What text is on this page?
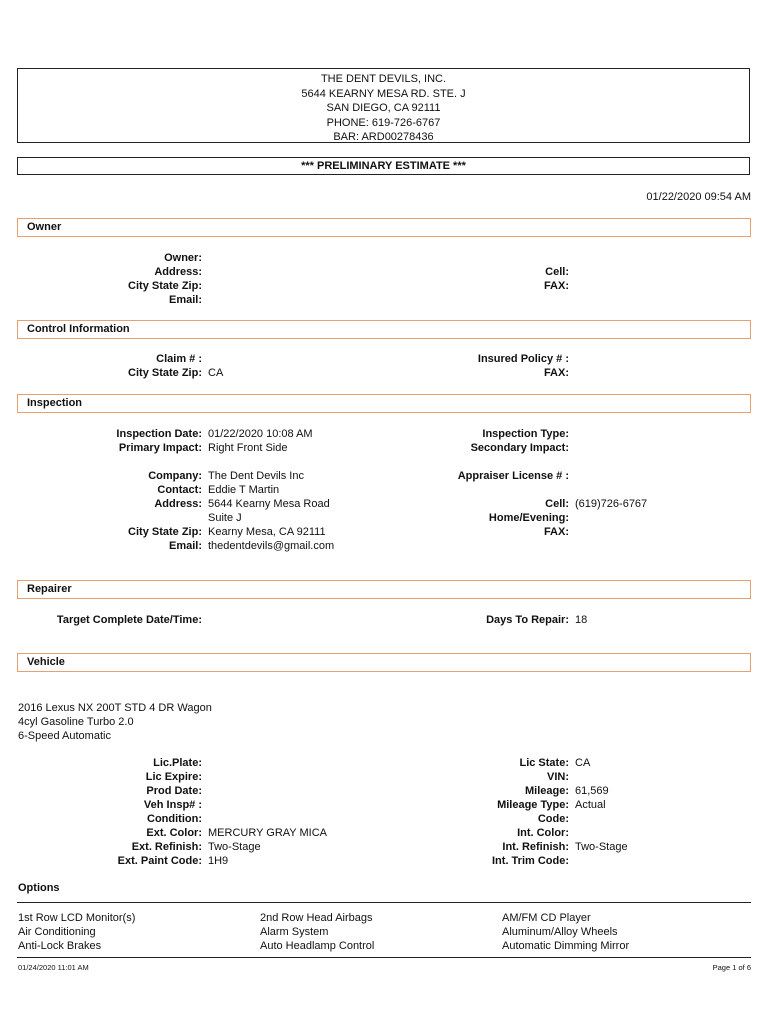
THE DENT DEVILS, INC.
5644 KEARNY MESA RD. STE. J
SAN DIEGO, CA 92111
PHONE: 619-726-6767
BAR: ARD00278436
*** PRELIMINARY ESTIMATE ***
01/22/2020 09:54 AM
Owner
Owner:
Address:
City State Zip:
Email:
Cell:
FAX:
Control Information
Claim # :
City State Zip: CA
Insured Policy # :
FAX:
Inspection
Inspection Date: 01/22/2020 10:08 AM
Primary Impact: Right Front Side
Inspection Type:
Secondary Impact:
Company: The Dent Devils Inc
Contact: Eddie T Martin
Address: 5644 Kearny Mesa Road
Suite J
City State Zip: Kearny Mesa, CA 92111
Email: thedentdevils@gmail.com
Appraiser License # :
Cell: (619)726-6767
Home/Evening:
FAX:
Repairer
Target Complete Date/Time:	Days To Repair: 18
Vehicle
2016 Lexus NX 200T STD 4 DR Wagon
4cyl Gasoline Turbo 2.0
6-Speed Automatic
Lic.Plate:
Lic Expire:
Prod Date:
Veh Insp# :
Condition:
Ext. Color: MERCURY GRAY MICA
Ext. Refinish: Two-Stage
Ext. Paint Code: 1H9
Lic State: CA
VIN:
Mileage: 61,569
Mileage Type: Actual
Code:
Int. Color:
Int. Refinish: Two-Stage
Int. Trim Code:
Options
1st Row LCD Monitor(s)
Air Conditioning
Anti-Lock Brakes
2nd Row Head Airbags
Alarm System
Auto Headlamp Control
AM/FM CD Player
Aluminum/Alloy Wheels
Automatic Dimming Mirror
01/24/2020 11:01 AM	Page 1 of 6
